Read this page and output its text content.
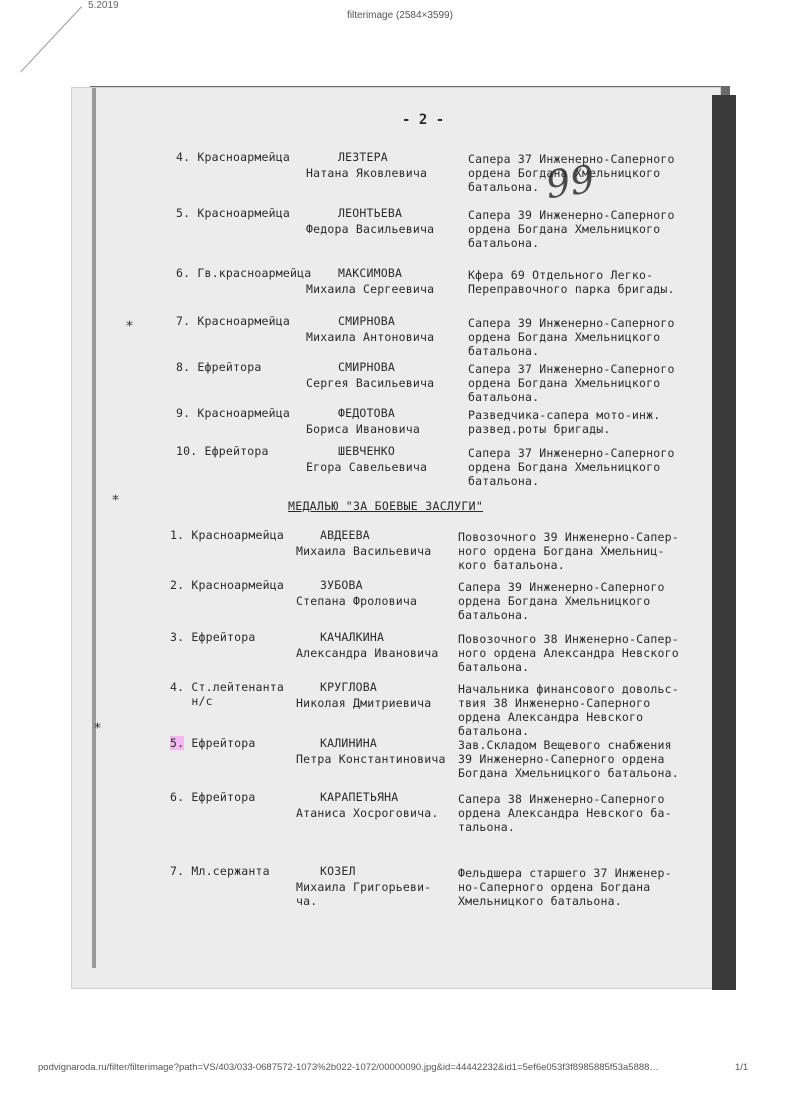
5.2019
filterimage (2584×3599)
- 2 -
99
МЕДАЛЬЮ "ЗА БОЕВЫЕ ЗАСЛУГИ"
4. Красноармейца	ЛЕЗТЕРА
Натана Яковлевича
Сапера 37 Инженерно-Саперного
ордена Богдана Хмельницкого
батальона.
5. Красноармейца	ЛЕОНТЬЕВА
Федора Васильевича
Сапера 39 Инженерно-Саперного
ордена Богдана Хмельницкого
батальона.
6. Гв.красноармейца МАКСИМОВА
Михаила Сергеевича
Кфера 69 Отдельного Легко-
Переправочного парка бригады.
7. Красноармейца	СМИРНОВА
Михаила Антоновича
Сапера 39 Инженерно-Саперного
ордена Богдана Хмельницкого
батальона.
8. Ефрейтора	СМИРНОВА
Сергея Васильевича
Сапера 37 Инженерно-Саперного
ордена Богдана Хмельницкого
батальона.
9. Красноармейца	ФЕДОТОВА
Бориса Ивановича
Разведчика-сапера мото-инж.
развед.роты бригады.
10. Ефрейтора	ШЕВЧЕНКО
Егора Савельевича
Сапера 37 Инженерно-Саперного
ордена Богдана Хмельницкого
батальона.
1. Красноармейца	АВДЕЕВА
Михаила Васильевича
Повозочного 39 Инженерно-Сапер-
ного ордена Богдана Хмельниц-
кого батальона.
2. Красноармейца	ЗУБОВА
Степана Фроловича
Сапера 39 Инженерно-Саперного
ордена Богдана Хмельницкого
батальона.
3. Ефрейтора	КАЧАЛКИНА
Александра Ивановича
Повозочного 38 Инженерно-Сапер-
ного ордена Александра Невского
батальона.
4. Ст.лейтенанта
н/с
КРУГЛОВА
Николая Дмитриевича
Начальника финансового довольс-
твия 38 Инженерно-Саперного
ордена Александра Невского
батальона.
5. Ефрейтора	КАЛИНИНА
Петра Константиновича
Зав.Складом Вещевого снабжения
39 Инженерно-Саперного ордена
Богдана Хмельницкого батальона.
6. Ефрейтора	КАРАПЕТЬЯНА
Атаниса Хосроговича.
Сапера 38 Инженерно-Саперного
ордена Александра Невского ба-
тальона.
7. Мл.сержанта	КОЗЕЛ
Михаила Григорьеви-
ча.
Фельдшера старшего 37 Инженер-
но-Саперного ордена Богдана
Хмельницкого батальона.
⁎
⁎
⁎
podvignaroda.ru/filter/filterimage?path=VS/403/033-0687572-1073%2b022-1072/00000090.jpg&id=44442232&id1=5ef6e053f3f8985885f53a5888…	1/1
